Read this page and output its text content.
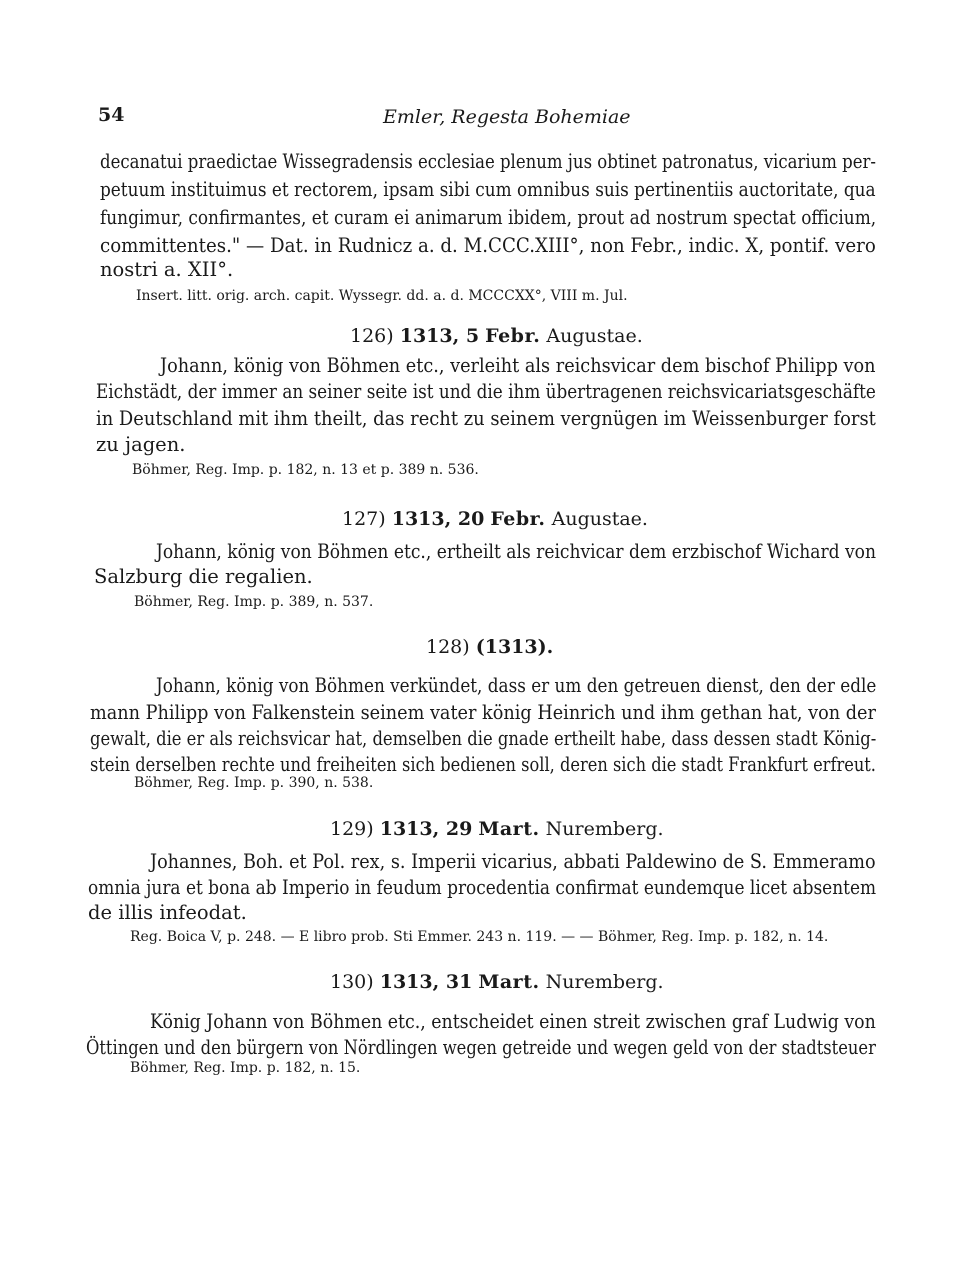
54	Emler, Regesta Bohemiae
decanatui praedictae Wissegradensis ecclesiae plenum jus obtinet patronatus, vicarium per-
petuum instituimus et rectorem, ipsam sibi cum omnibus suis pertinentiis auctoritate, qua
fungimur, confirmantes, et curam ei animarum ibidem, prout ad nostrum spectat officium,
committentes." — Dat. in Rudnicz a. d. M.CCC.XIII°, non Febr., indic. X, pontif. vero
nostri a. XII°.
Insert. litt. orig. arch. capit. Wyssegr. dd. a. d. MCCCXX°, VIII m. Jul.
126) 1313, 5 Febr. Augustae.
Johann, könig von Böhmen etc., verleiht als reichsvicar dem bischof Philipp von
Eichstädt, der immer an seiner seite ist und die ihm übertragenen reichsvicariatsgeschäfte
in Deutschland mit ihm theilt, das recht zu seinem vergnügen im Weissenburger forst
zu jagen.
Böhmer, Reg. Imp. p. 182, n. 13 et p. 389 n. 536.
127) 1313, 20 Febr. Augustae.
Johann, könig von Böhmen etc., ertheilt als reichvicar dem erzbischof Wichard von
Salzburg die regalien.
Böhmer, Reg. Imp. p. 389, n. 537.
128) (1313).
Johann, könig von Böhmen verkündet, dass er um den getreuen dienst, den der edle
mann Philipp von Falkenstein seinem vater könig Heinrich und ihm gethan hat, von der
gewalt, die er als reichsvicar hat, demselben die gnade ertheilt habe, dass dessen stadt König-
stein derselben rechte und freiheiten sich bedienen soll, deren sich die stadt Frankfurt erfreut.
Böhmer, Reg. Imp. p. 390, n. 538.
129) 1313, 29 Mart. Nuremberg.
Johannes, Boh. et Pol. rex, s. Imperii vicarius, abbati Paldewino de S. Emmeramo
omnia jura et bona ab Imperio in feudum procedentia confirmat eundemque licet absentem
de illis infeodat.
Reg. Boica V, p. 248. — E libro prob. Sti Emmer. 243 n. 119. — — Böhmer, Reg. Imp. p. 182, n. 14.
130) 1313, 31 Mart. Nuremberg.
König Johann von Böhmen etc., entscheidet einen streit zwischen graf Ludwig von
Öttingen und den bürgern von Nördlingen wegen getreide und wegen geld von der stadtsteuer
Böhmer, Reg. Imp. p. 182, n. 15.
